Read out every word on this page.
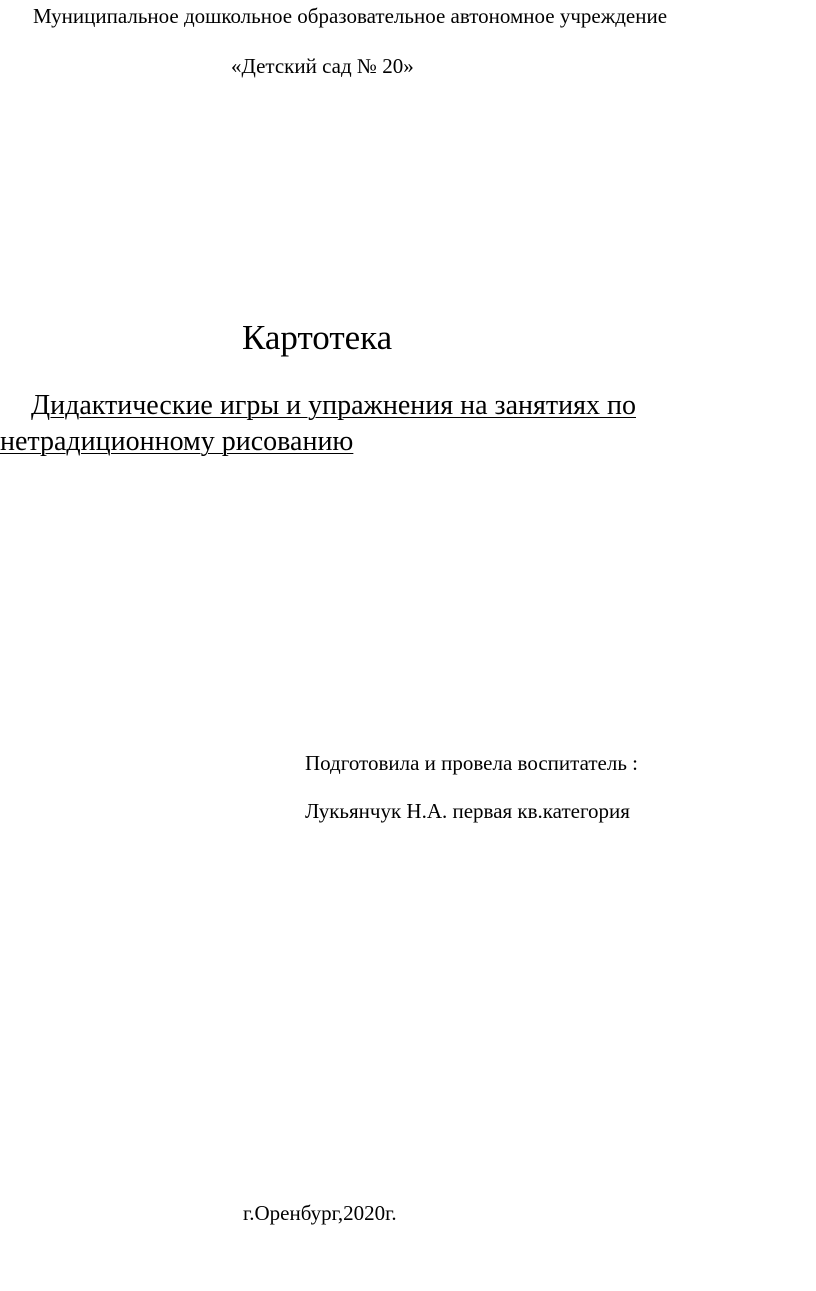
Муниципальное дошкольное образовательное автономное учреждение

«Детский сад № 20»

Картотека
Дидактические игры и упражнения на занятиях по
нетрадиционному рисованию

Подготовила и провела воспитатель :

Лукьянчук Н.А. первая кв.категория

г.Оренбург,2020г.
